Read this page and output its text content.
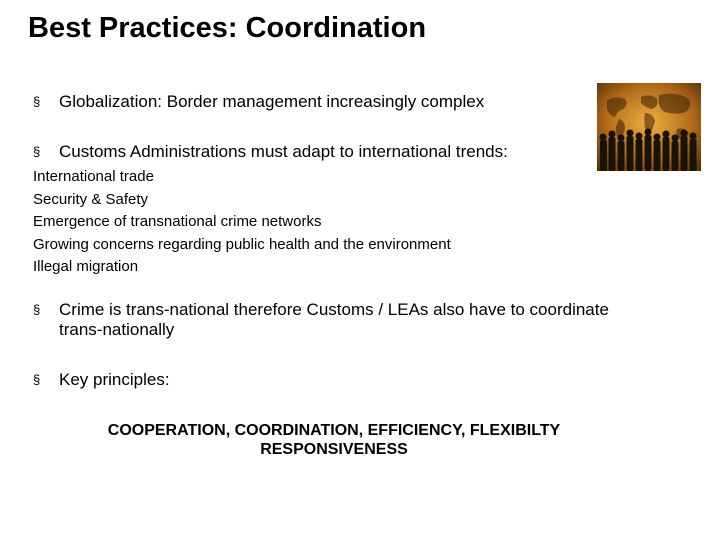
Best Practices: Coordination
§ Globalization: Border management increasingly complex
§ Customs Administrations must adapt to international trends:
International trade
Security & Safety
Emergence of transnational crime networks
Growing concerns regarding public health and the environment
Illegal migration
§ Crime is trans-national therefore Customs / LEAs also have to coordinate trans-nationally
§ Key principles:
COOPERATION, COORDINATION, EFFICIENCY, FLEXIBILTY
RESPONSIVENESS
